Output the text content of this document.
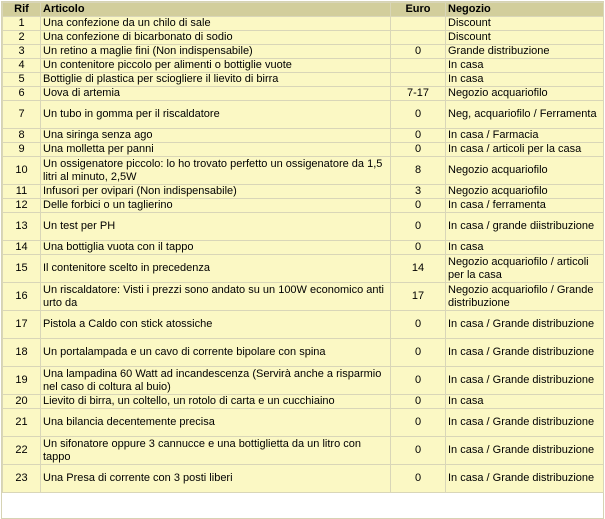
Rif	Articolo	Euro	Negozio
1	Una confezione da un chilo di sale		Discount
2	Una confezione di bicarbonato di sodio		Discount
3	Un retino a maglie fini (Non indispensabile)	0	Grande distribuzione
4	Un contenitore piccolo per alimenti o bottiglie vuote		In casa
5	Bottiglie di plastica per sciogliere il lievito di birra		In casa
6	Uova di artemia	7-17	Negozio acquariofilo
7	Un tubo in gomma per il riscaldatore	0	Neg, acquariofilo / Ferramenta
8	Una siringa senza ago	0	In casa / Farmacia
9	Una molletta per panni	0	In casa / articoli per la casa
10	Un ossigenatore piccolo: lo ho trovato perfetto un ossigenatore da 1,5 litri al minuto, 2,5W	8	Negozio acquariofilo
11	Infusori per ovipari (Non indispensabile)	3	Negozio acquariofilo
12	Delle forbici o un taglierino	0	In casa / ferramenta
13	Un test per PH	0	In casa / grande diistribuzione
14	Una bottiglia vuota con il tappo	0	In casa
15	Il contenitore scelto in precedenza	14	Negozio acquariofilo / articoli per la casa
16	Un riscaldatore: Visti i prezzi sono andato su un 100W economico anti urto da	17	Negozio acquariofilo / Grande distribuzione
17	Pistola a Caldo con stick atossiche	0	In casa / Grande distribuzione
18	Un portalampada e un cavo di corrente bipolare con spina	0	In casa / Grande distribuzione
19	Una lampadina 60 Watt ad incandescenza (Servirà anche a risparmio nel caso di coltura al buio)	0	In casa / Grande distribuzione
20	Lievito di birra, un coltello, un rotolo di carta e un cucchiaino	0	In casa
21	Una bilancia decentemente precisa	0	In casa / Grande distribuzione
22	Un sifonatore oppure 3 cannucce e una bottiglietta da un litro con tappo	0	In casa / Grande distribuzione
23	Una Presa di corrente con 3 posti liberi	0	In casa / Grande distribuzione
